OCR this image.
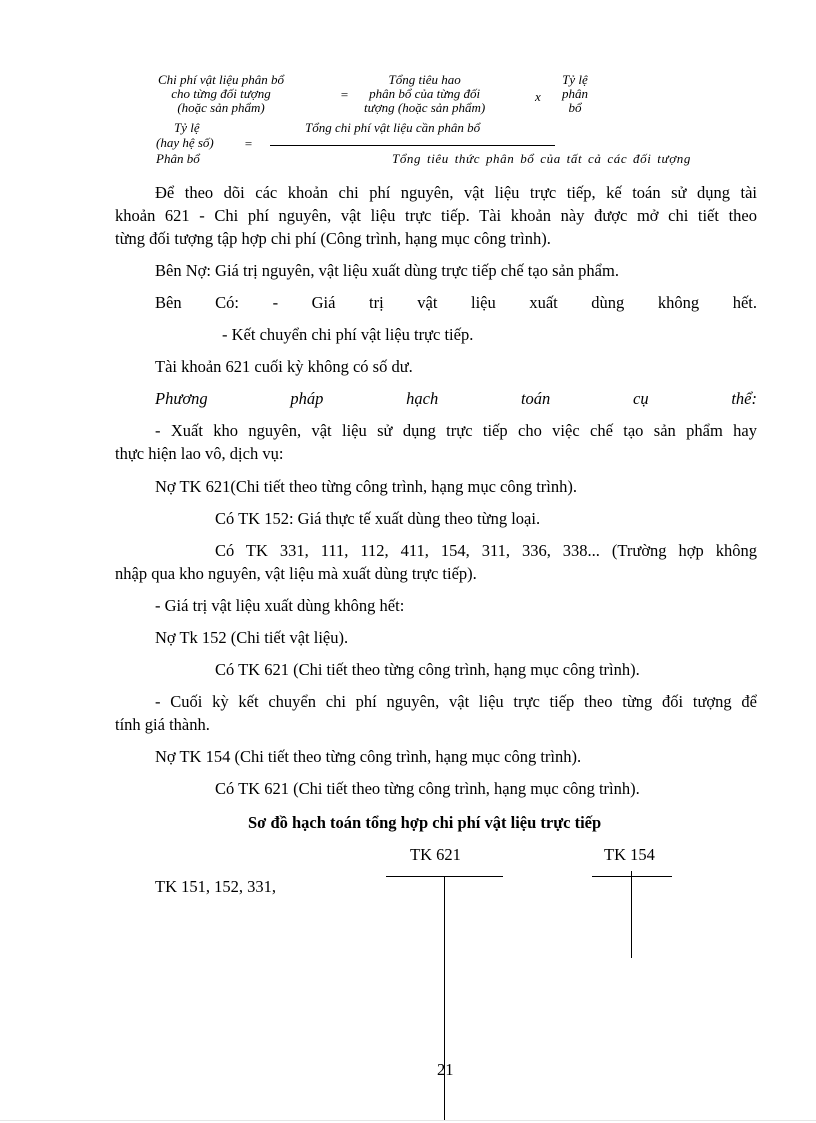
Chi phí vật liệu phân bổ
cho từng đối tượng
(hoặc sản phẩm)
=
Tổng tiêu hao
phân bổ của từng đối
tượng (hoặc sản phẩm)
x
Tỷ lệ
phân
bổ
Tỷ lệ
(hay hệ số)
Phân bổ
=
Tổng chi phí vật liệu cần phân bổ
Tổng tiêu thức phân bổ của tất cả các đối tượng
Để theo dõi các khoản chi phí nguyên, vật liệu trực tiếp, kế toán sử dụng tài
khoản 621 - Chi phí nguyên, vật liệu trực tiếp. Tài khoản này được mở chi tiết theo
từng đối tượng tập hợp chi phí (Công trình, hạng mục công trình).
Bên Nợ: Giá trị nguyên, vật liệu xuất dùng trực tiếp chế tạo sản phẩm.
Bên Có: - Giá trị vật liệu xuất dùng không hết.
- Kết chuyển chi phí vật liệu trực tiếp.
Tài khoản 621 cuối kỳ không có số dư.
Phương pháp hạch toán cụ thể:
- Xuất kho nguyên, vật liệu sử dụng trực tiếp cho việc chế tạo sản phẩm hay
thực hiện lao vô, dịch vụ:
Nợ TK 621(Chi tiết theo từng công trình, hạng mục công trình).
Có TK 152: Giá thực tế xuất dùng theo từng loại.
Có TK 331, 111, 112, 411, 154, 311, 336, 338... (Trường hợp không
nhập qua kho nguyên, vật liệu mà xuất dùng trực tiếp).
- Giá trị vật liệu xuất dùng không hết:
Nợ Tk 152 (Chi tiết vật liệu).
Có TK 621 (Chi tiết theo từng công trình, hạng mục công trình).
- Cuối kỳ kết chuyển chi phí nguyên, vật liệu trực tiếp theo từng đối tượng để
tính giá thành.
Nợ TK 154 (Chi tiết theo từng công trình, hạng mục công trình).
Có TK 621 (Chi tiết theo từng công trình, hạng mục công trình).
Sơ đồ hạch toán tổng hợp chi phí vật liệu trực tiếp
TK 621	TK 154
TK 151, 152, 331,
21
